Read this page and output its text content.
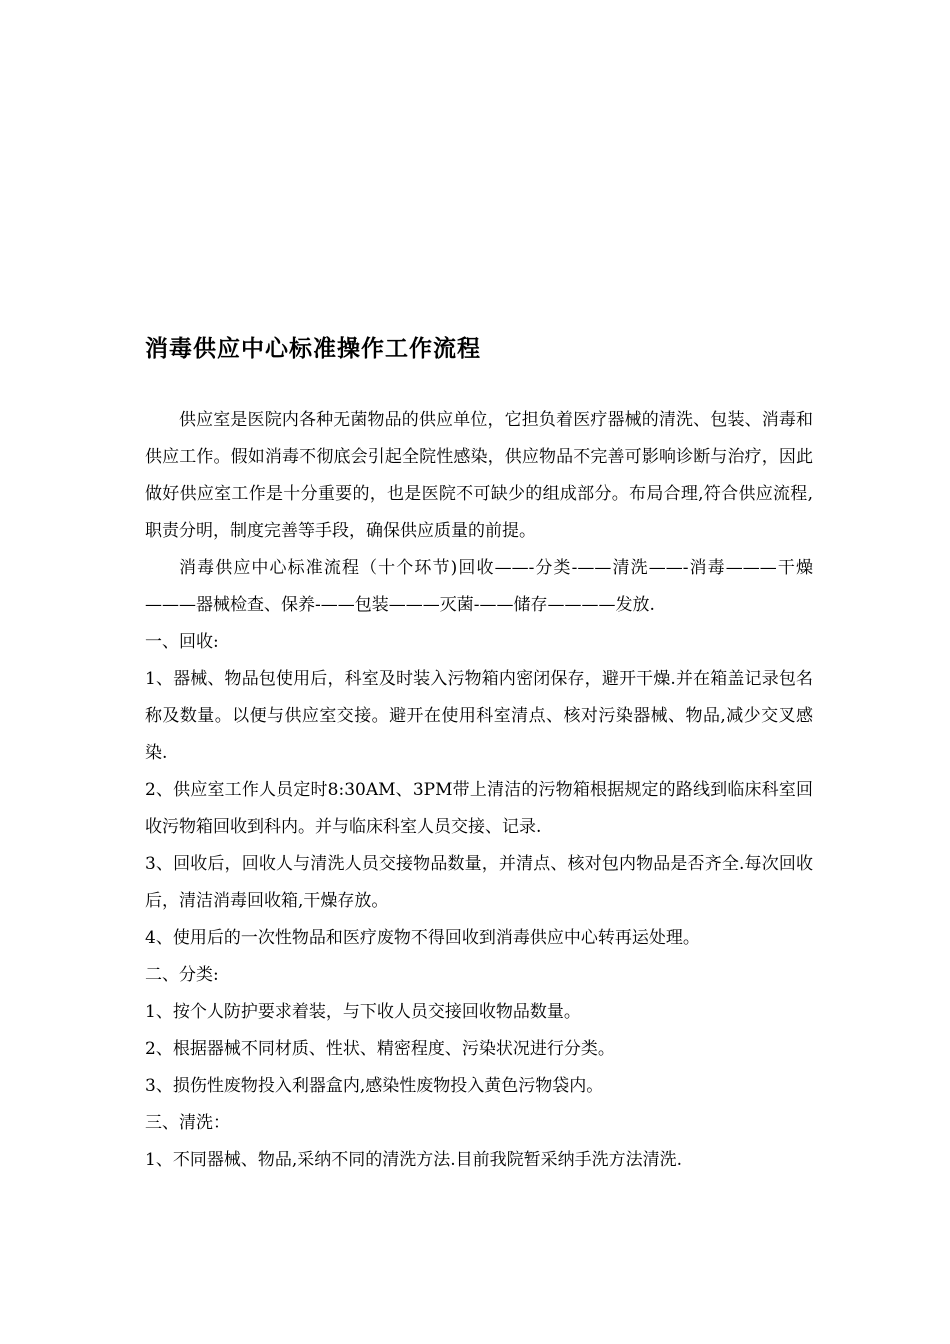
消毒供应中心标准操作工作流程

供应室是医院内各种无菌物品的供应单位，它担负着医疗器械的清洗、包装、消毒和供应工作。假如消毒不彻底会引起全院性感染，供应物品不完善可影响诊断与治疗，因此做好供应室工作是十分重要的，也是医院不可缺少的组成部分。布局合理,符合供应流程,职责分明，制度完善等手段，确保供应质量的前提。

消毒供应中心标准流程（十个环节)回收——-分类-——清洗——-消毒———干燥———器械检查、保养-——包装———灭菌-——储存————发放.

一、回收:

1、器械、物品包使用后，科室及时装入污物箱内密闭保存，避开干燥.并在箱盖记录包名称及数量。以便与供应室交接。避开在使用科室清点、核对污染器械、物品,减少交叉感染.

2、供应室工作人员定时8:30AM、3PM带上清洁的污物箱根据规定的路线到临床科室回收污物箱回收到科内。并与临床科室人员交接、记录.

3、回收后，回收人与清洗人员交接物品数量，并清点、核对包内物品是否齐全.每次回收后，清洁消毒回收箱,干燥存放。

4、使用后的一次性物品和医疗废物不得回收到消毒供应中心转再运处理。

二、分类:

1、按个人防护要求着装，与下收人员交接回收物品数量。

2、根据器械不同材质、性状、精密程度、污染状况进行分类。

3、损伤性废物投入利器盒内,感染性废物投入黄色污物袋内。

三、清洗：

1、不同器械、物品,采纳不同的清洗方法.目前我院暂采纳手洗方法清洗.
